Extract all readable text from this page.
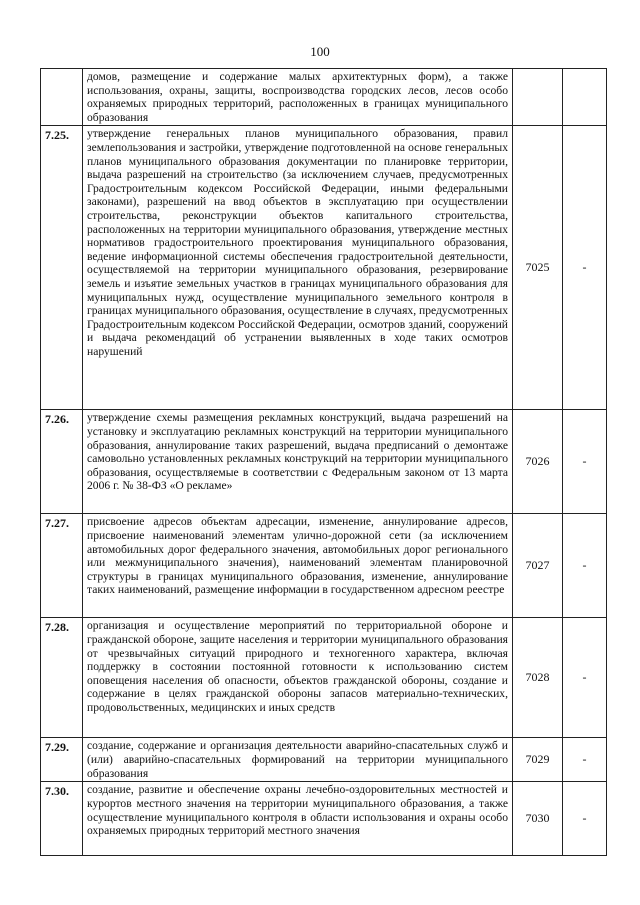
100
	домов, размещение и содержание малых архитектурных форм), а также использования, охраны, защиты, воспроизводства городских лесов, лесов особо охраняемых природных территорий, расположенных в границах муниципального образования		
7.25.	утверждение генеральных планов муниципального образования, правил землепользования и застройки, утверждение подготовленной на основе генеральных планов муниципального образования документации по планировке территории, выдача разрешений на строительство (за исключением случаев, предусмотренных Градостроительным кодексом Российской Федерации, иными федеральными законами), разрешений на ввод объектов в эксплуатацию при осуществлении строительства, реконструкции объектов капитального строительства, расположенных на территории муниципального образования, утверждение местных нормативов градостроительного проектирования муниципального образования, ведение информационной системы обеспечения градостроительной деятельности, осуществляемой на территории муниципального образования, резервирование земель и изъятие земельных участков в границах муниципального образования для муниципальных нужд, осуществление муниципального земельного контроля в границах муниципального образования, осуществление в случаях, предусмотренных Градостроительным кодексом Российской Федерации, осмотров зданий, сооружений и выдача рекомендаций об устранении выявленных в ходе таких осмотров нарушений	7025	-
7.26.	утверждение схемы размещения рекламных конструкций, выдача разрешений на установку и эксплуатацию рекламных конструкций на территории муниципального образования, аннулирование таких разрешений, выдача предписаний о демонтаже самовольно установленных рекламных конструкций на территории муниципального образования, осуществляемые в соответствии с Федеральным законом от 13 марта 2006 г. № 38-ФЗ «О рекламе»	7026	-
7.27.	присвоение адресов объектам адресации, изменение, аннулирование адресов, присвоение наименований элементам улично-дорожной сети (за исключением автомобильных дорог федерального значения, автомобильных дорог регионального или межмуниципального значения), наименований элементам планировочной структуры в границах муниципального образования, изменение, аннулирование таких наименований, размещение информации в государственном адресном реестре	7027	-
7.28.	организация и осуществление мероприятий по территориальной обороне и гражданской обороне, защите населения и территории муниципального образования от чрезвычайных ситуаций природного и техногенного характера, включая поддержку в состоянии постоянной готовности к использованию систем оповещения населения об опасности, объектов гражданской обороны, создание и содержание в целях гражданской обороны запасов материально-технических, продовольственных, медицинских и иных средств	7028	-
7.29.	создание, содержание и организация деятельности аварийно-спасательных служб и (или) аварийно-спасательных формирований на территории муниципального образования	7029	-
7.30.	создание, развитие и обеспечение охраны лечебно-оздоровительных местностей и курортов местного значения на территории муниципального образования, а также осуществление муниципального контроля в области использования и охраны особо охраняемых природных территорий местного значения	7030	-
